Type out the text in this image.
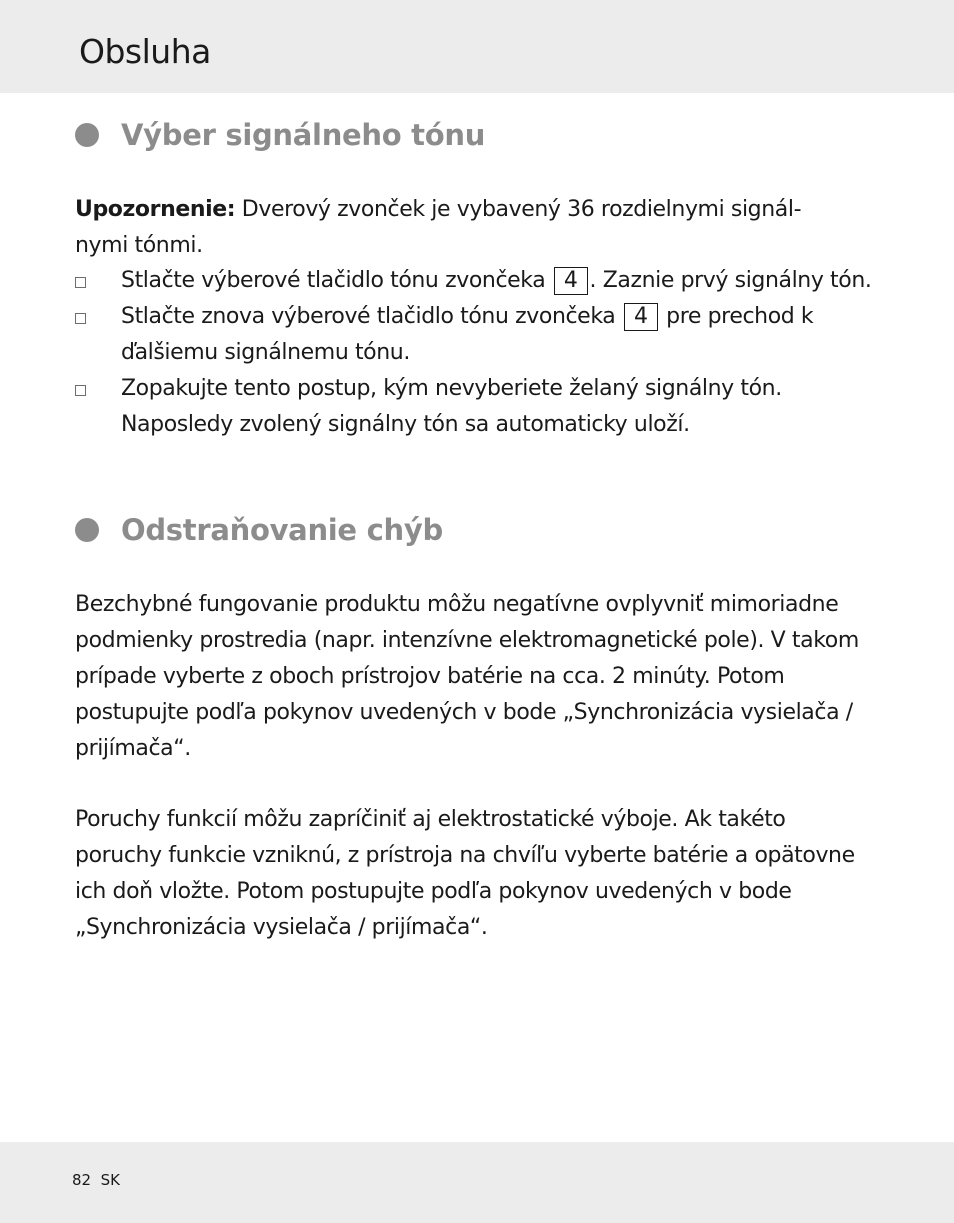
Obsluha
Výber signálneho tónu
Upozornenie: Dverový zvonček je vybavený 36 rozdielnymi signál-
nymi tónmi.
Stlačte výberové tlačidlo tónu zvončeka 4 . Zaznie prvý signálny tón.
Stlačte znova výberové tlačidlo tónu zvončeka 4 pre prechod k
ďalšiemu signálnemu tónu.
Zopakujte tento postup, kým nevyberiete želaný signálny tón.
Naposledy zvolený signálny tón sa automaticky uloží.
Odstraňovanie chýb
Bezchybné fungovanie produktu môžu negatívne ovplyvniť mimoriadne
podmienky prostredia (napr. intenzívne elektromagnetické pole). V takom
prípade vyberte z oboch prístrojov batérie na cca. 2 minúty. Potom
postupujte podľa pokynov uvedených v bode „Synchronizácia vysielača /
prijímača“.
Poruchy funkcií môžu zapríčiniť aj elektrostatické výboje. Ak takéto
poruchy funkcie vzniknú, z prístroja na chvíľu vyberte batérie a opätovne
ich doň vložte. Potom postupujte podľa pokynov uvedených v bode
„Synchronizácia vysielača / prijímača“.
82 SK
